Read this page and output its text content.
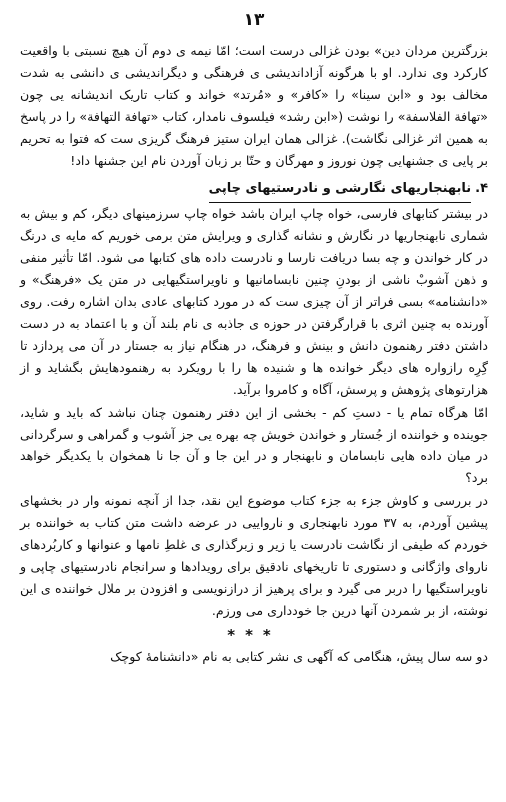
۱۳

بزرگترین مردان دین» بودن غزالی درست است؛ امّا نیمه ی دوم آن هیچ نسبتی با واقعیت کارکرد وی ندارد. او با هرگونه آزاداندیشی ی فرهنگی و دیگراندیشی ی دانشی به شدت مخالف بود و «ابن سینا» را «کافر» و «مُرتد» خواند و کتاب تاریک اندیشانه یی چون «تهافة الفلاسفة» را نوشت («ابن رشد» فیلسوف نامدار، کتاب «تهافة التهافة» را در پاسخ به همین اثر غزالی نگاشت). غزالی همان ایران ستیز فرهنگ گریزی ست که فتوا به تحریم بر پایی ی جشنهایی چون نوروز و مهرگان و حتّا بر زبان آوردن نام این جشنها داد!

۴.
نابهنجاریهای نگارشی و نادرستیهای چاپی

در بیشتر کتابهای فارسی، خواه چاپ ایران باشد خواه چاپ سرزمینهای دیگر، کم و بیش به شماری نابهنجاریها در نگارش و نشانه گذاری و ویرایش متن برمی خوریم که مایه ی درنگ در کار خواندن و چه بسا دریافت نارسا و نادرست داده های کتابها می شود. امّا تأثیر منفی و ذهن آشوبْ ناشی از بودنِ چنین نابسامانیها و ناویراستگیهایی در متن یک «فرهنگ» و «دانشنامه» بسی فراتر از آن چیزی ست که در مورد کتابهای عادی بدان اشاره رفت. روی آورنده به چنین اثری با قرارگرفتن در حوزه ی جاذبه ی نام بلند آن و با اعتماد به در دست داشتن دفتر رهنمون دانش و بینش و فرهنگ، در هنگام نیاز به جستار در آن می پردازد تا گِرِه رازواره های دیگر خوانده ها و شنیده ها را با رویکرد به رهنمودهایش بگشاید و از هزارتوهای پژوهش و پرسش، آگاه و کامروا برآید.

امّا هرگاه تمام یا - دستِ کم - بخشی از این دفتر رهنمون چنان نباشد که باید و شاید، جوینده و خواننده از جُستار و خواندن خویش چه بهره یی جز آشوب و گمراهی و سرگردانی در میان داده هایی نابسامان و نابهنجار و در این جا و آن جا نا همخوان با یکدیگر خواهد برد؟

در بررسی و کاوش جزء به جزء کتاب موضوع این نقد، جدا از آنچه نمونه وار در بخشهای پیشین آوردم، به ۳۷ مورد نابهنجاری و نارواییی در عرضه داشت متن کتاب به خواننده بر خوردم که طیفی از نگاشت نادرست یا زیر و زبرگذاری ی غلطِ نامها و عنوانها و کاربُردهای ناروای واژگانی و دستوری تا تاریخهای نادقیق برای رویدادها و سرانجام نادرستیهای چاپی و ناویراستگیها را دربر می گیرد و برای پرهیز از درازنویسی و افزودن بر ملال خواننده ی این نوشته، از بر شمردن آنها درین جا خودداری می ورزم.

***

دو سه سال پیش، هنگامی که آگهی ی نشر کتابی به نام «دانشنامهٔ کوچک
